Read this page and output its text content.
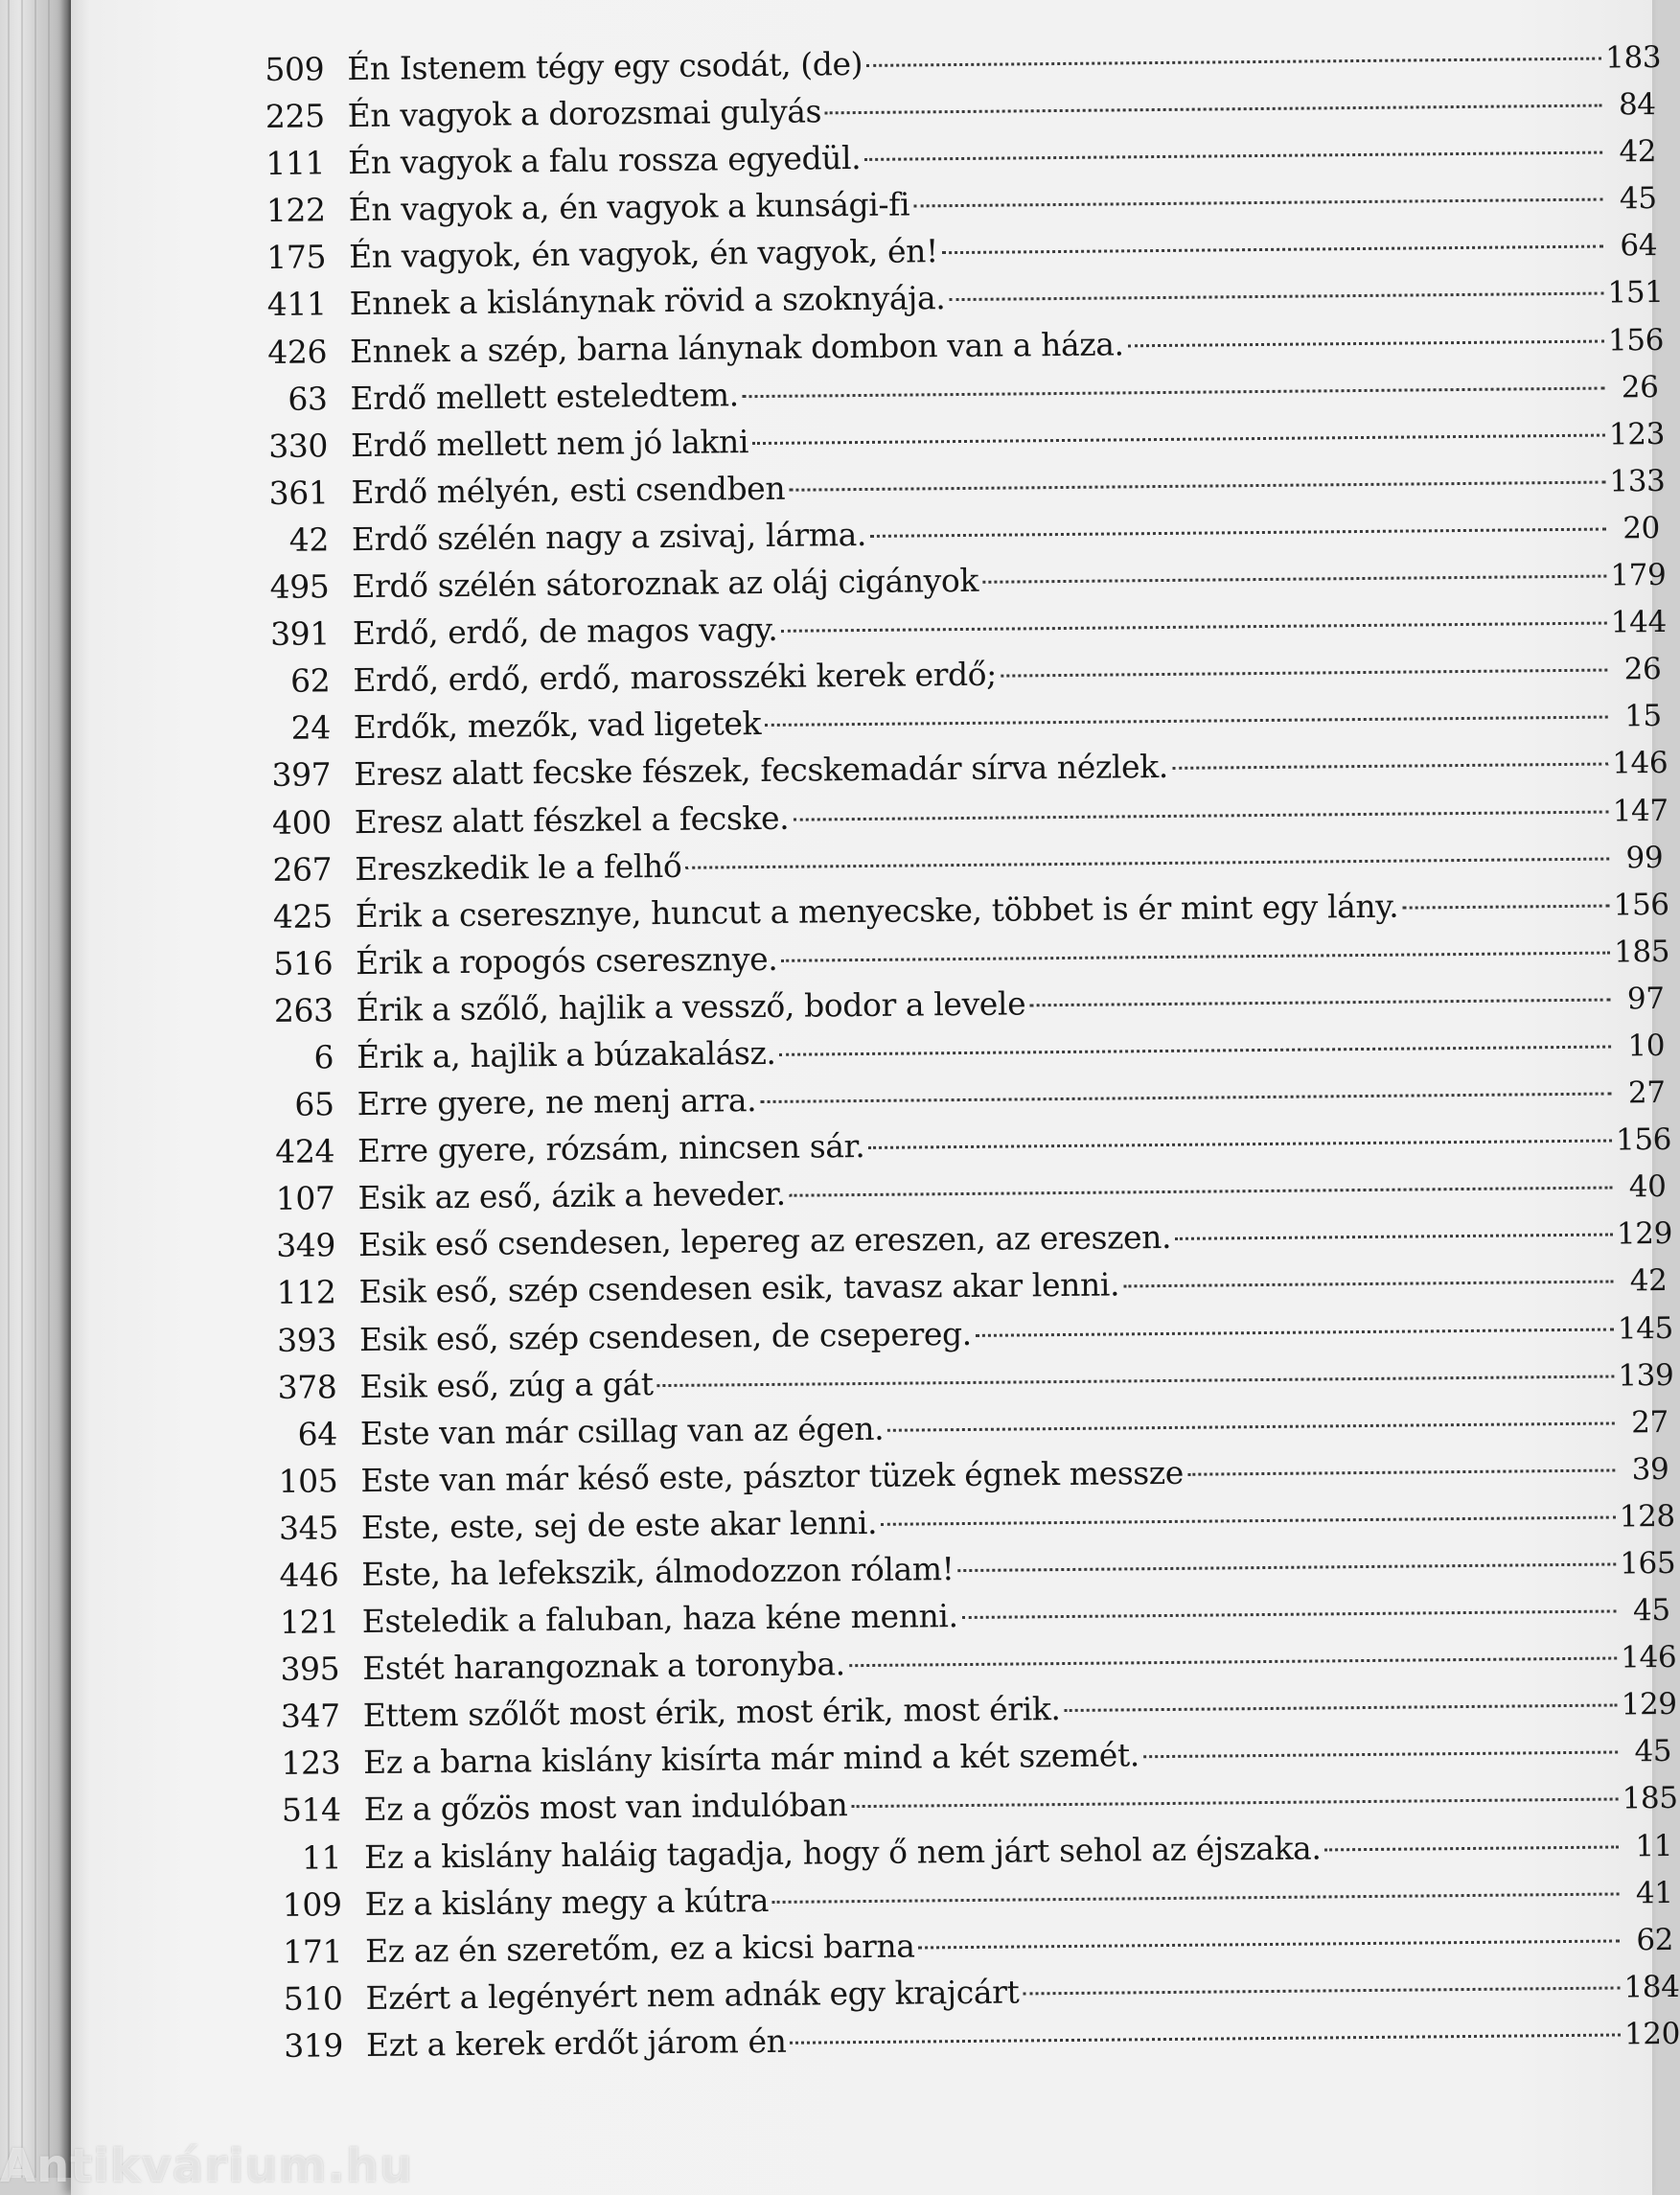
509 Én Istenem tégy egy csodát, (de)	183
225 Én vagyok a dorozsmai gulyás	84
111 Én vagyok a falu rossza egyedül.	42
122 Én vagyok a, én vagyok a kunsági-fi	45
175 Én vagyok, én vagyok, én vagyok, én!	64
411 Ennek a kislánynak rövid a szoknyája.	151
426 Ennek a szép, barna lánynak dombon van a háza.	156
63 Erdő mellett esteledtem.	26
330 Erdő mellett nem jó lakni	123
361 Erdő mélyén, esti csendben	133
42 Erdő szélén nagy a zsivaj, lárma.	20
495 Erdő szélén sátoroznak az oláj cigányok	179
391 Erdő, erdő, de magos vagy.	144
62 Erdő, erdő, erdő, marosszéki kerek erdő;	26
24 Erdők, mezők, vad ligetek	15
397 Eresz alatt fecske fészek, fecskemadár sírva nézlek.	146
400 Eresz alatt fészkel a fecske.	147
267 Ereszkedik le a felhő	99
425 Érik a cseresznye, huncut a menyecske, többet is ér mint egy lány.	156
516 Érik a ropogós cseresznye.	185
263 Érik a szőlő, hajlik a vessző, bodor a levele	97
6 Érik a, hajlik a búzakalász.	10
65 Erre gyere, ne menj arra.	27
424 Erre gyere, rózsám, nincsen sár.	156
107 Esik az eső, ázik a heveder.	40
349 Esik eső csendesen, lepereg az ereszen, az ereszen.	129
112 Esik eső, szép csendesen esik, tavasz akar lenni.	42
393 Esik eső, szép csendesen, de csepereg.	145
378 Esik eső, zúg a gát	139
64 Este van már csillag van az égen.	27
105 Este van már késő este, pásztor tüzek égnek messze	39
345 Este, este, sej de este akar lenni.	128
446 Este, ha lefekszik, álmodozzon rólam!	165
121 Esteledik a faluban, haza kéne menni.	45
395 Estét harangoznak a toronyba.	146
347 Ettem szőlőt most érik, most érik, most érik.	129
123 Ez a barna kislány kisírta már mind a két szemét.	45
514 Ez a gőzös most van indulóban	185
11 Ez a kislány haláig tagadja, hogy ő nem járt sehol az éjszaka.	11
109 Ez a kislány megy a kútra	41
171 Ez az én szeretőm, ez a kicsi barna	62
510 Ezért a legényért nem adnák egy krajcárt	184
319 Ezt a kerek erdőt járom én	120
Antikvárium.hu
